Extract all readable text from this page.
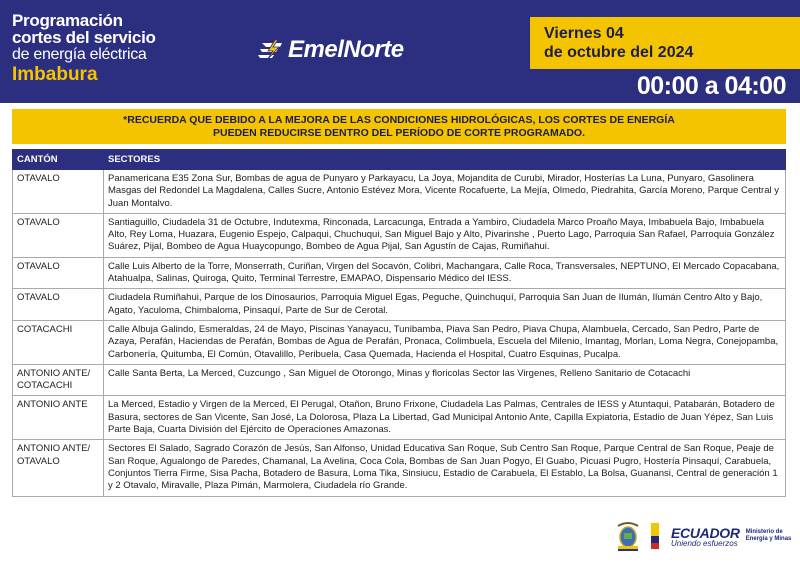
Programación
cortes del servicio
de energía eléctrica
Imbabura
EmelNorte
Viernes 04
de octubre del 2024
00:00 a 04:00
*RECUERDA QUE DEBIDO A LA MEJORA DE LAS CONDICIONES HIDROLÓGICAS, LOS CORTES DE ENERGÍA
PUEDEN REDUCIRSE DENTRO DEL PERÍODO DE CORTE PROGRAMADO.
CANTÓN	SECTORES
OTAVALO	Panamericana E35 Zona Sur, Bombas de agua de Punyaro y Parkayacu, La Joya, Mojandita de Curubi, Mirador, Hosterías La Luna, Punyaro, Gasolinera Masgas del Redondel La Magdalena, Calles Sucre, Antonio Estévez Mora, Vicente Rocafuerte, La Mejía, Olmedo, Piedrahita, García Moreno, Parque Central y Juan Montalvo.
OTAVALO	Santiaguillo, Ciudadela 31 de Octubre, Indutexma, Rinconada, Larcacunga, Entrada a Yambiro, Ciudadela Marco Proaño Maya, Imbabuela Bajo, Imbabuela Alto, Rey Loma, Huazara, Eugenio Espejo, Calpaqui, Chuchuqui, San Miguel Bajo y Alto, Pivarinshe , Puerto Lago, Parroquia San Rafael, Parroquia González Suárez, Pijal, Bombeo de Agua Huaycopungo, Bombeo de Agua Pijal, San Agustín de Cajas, Rumiñahui.
OTAVALO	Calle Luis Alberto de la Torre, Monserrath, Curiñan, Virgen del Socavón, Colibri, Machangara, Calle Roca, Transversales, NEPTUNO, El Mercado Copacabana, Atahualpa, Salinas, Quiroga, Quito, Terminal Terrestre, EMAPAO, Dispensario Médico del IESS.
OTAVALO	Ciudadela Rumiñahui, Parque de los Dinosaurios, Parroquia Miguel Egas, Peguche, Quinchuquí, Parroquia San Juan de Ilumán, Ilumán Centro Alto y Bajo, Agato, Yaculoma, Chimbaloma, Pinsaquí, Parte de Sur de Cerotal.
COTACACHI	Calle Albuja Galindo, Esmeraldas, 24 de Mayo, Piscinas Yanayacu, Tunibamba, Piava San Pedro, Piava Chupa, Alambuela, Cercado, San Pedro, Parte de Azaya, Perafán, Haciendas de Perafán, Bombas de Agua de Perafán, Pronaca, Colimbuela, Escuela del Milenio, Imantag, Morlan, Loma Negra, Conejopamba, Carbonería, Quitumba, El Común, Otavalillo, Peribuela, Casa Quemada, Hacienda el Hospital, Cuatro Esquinas, Pucalpa.
ANTONIO ANTE/ COTACACHI	Calle Santa Berta, La Merced, Cuzcungo , San Miguel de Otorongo, Minas y floricolas Sector las Virgenes, Relleno Sanitario de Cotacachi
ANTONIO ANTE	La Merced, Estadio y Virgen de la Merced, El Perugal, Otañon, Bruno Frixone, Ciudadela Las Palmas, Centrales de IESS y Atuntaqui, Patabarán, Botadero de Basura, sectores de San Vicente, San José, La Dolorosa, Plaza La Libertad, Gad Municipal Antonio Ante, Capilla Expiatoria, Estadio de Juan Yépez, San Luis Parte Baja, Cuarta División del Ejército de Operaciones Amazonas.
ANTONIO ANTE/ OTAVALO	Sectores El Salado, Sagrado Corazón de Jesús, San Alfonso, Unidad Educativa San Roque, Sub Centro San Roque, Parque Central de San Roque, Peaje de San Roque, Agualongo de Paredes, Chamanal, La Avelina, Coca Cola, Bombas de San Juan Pogyo, El Guabo, Picuasi Pugro, Hostería Pinsaquí, Carabuela, Conjuntos Tierra Firme, Sisa Pacha, Botadero de Basura, Loma Tika, Sinsiucu, Estadio de Carabuela, El Establo, La Bolsa, Guanansi, Central de generación 1 y 2 Otavalo, Miravalle, Plaza Pimán, Marmolera, Ciudadela río Grande.
ECUADOR
Uniendo esfuerzos
Ministerio de
Energía y Minas
